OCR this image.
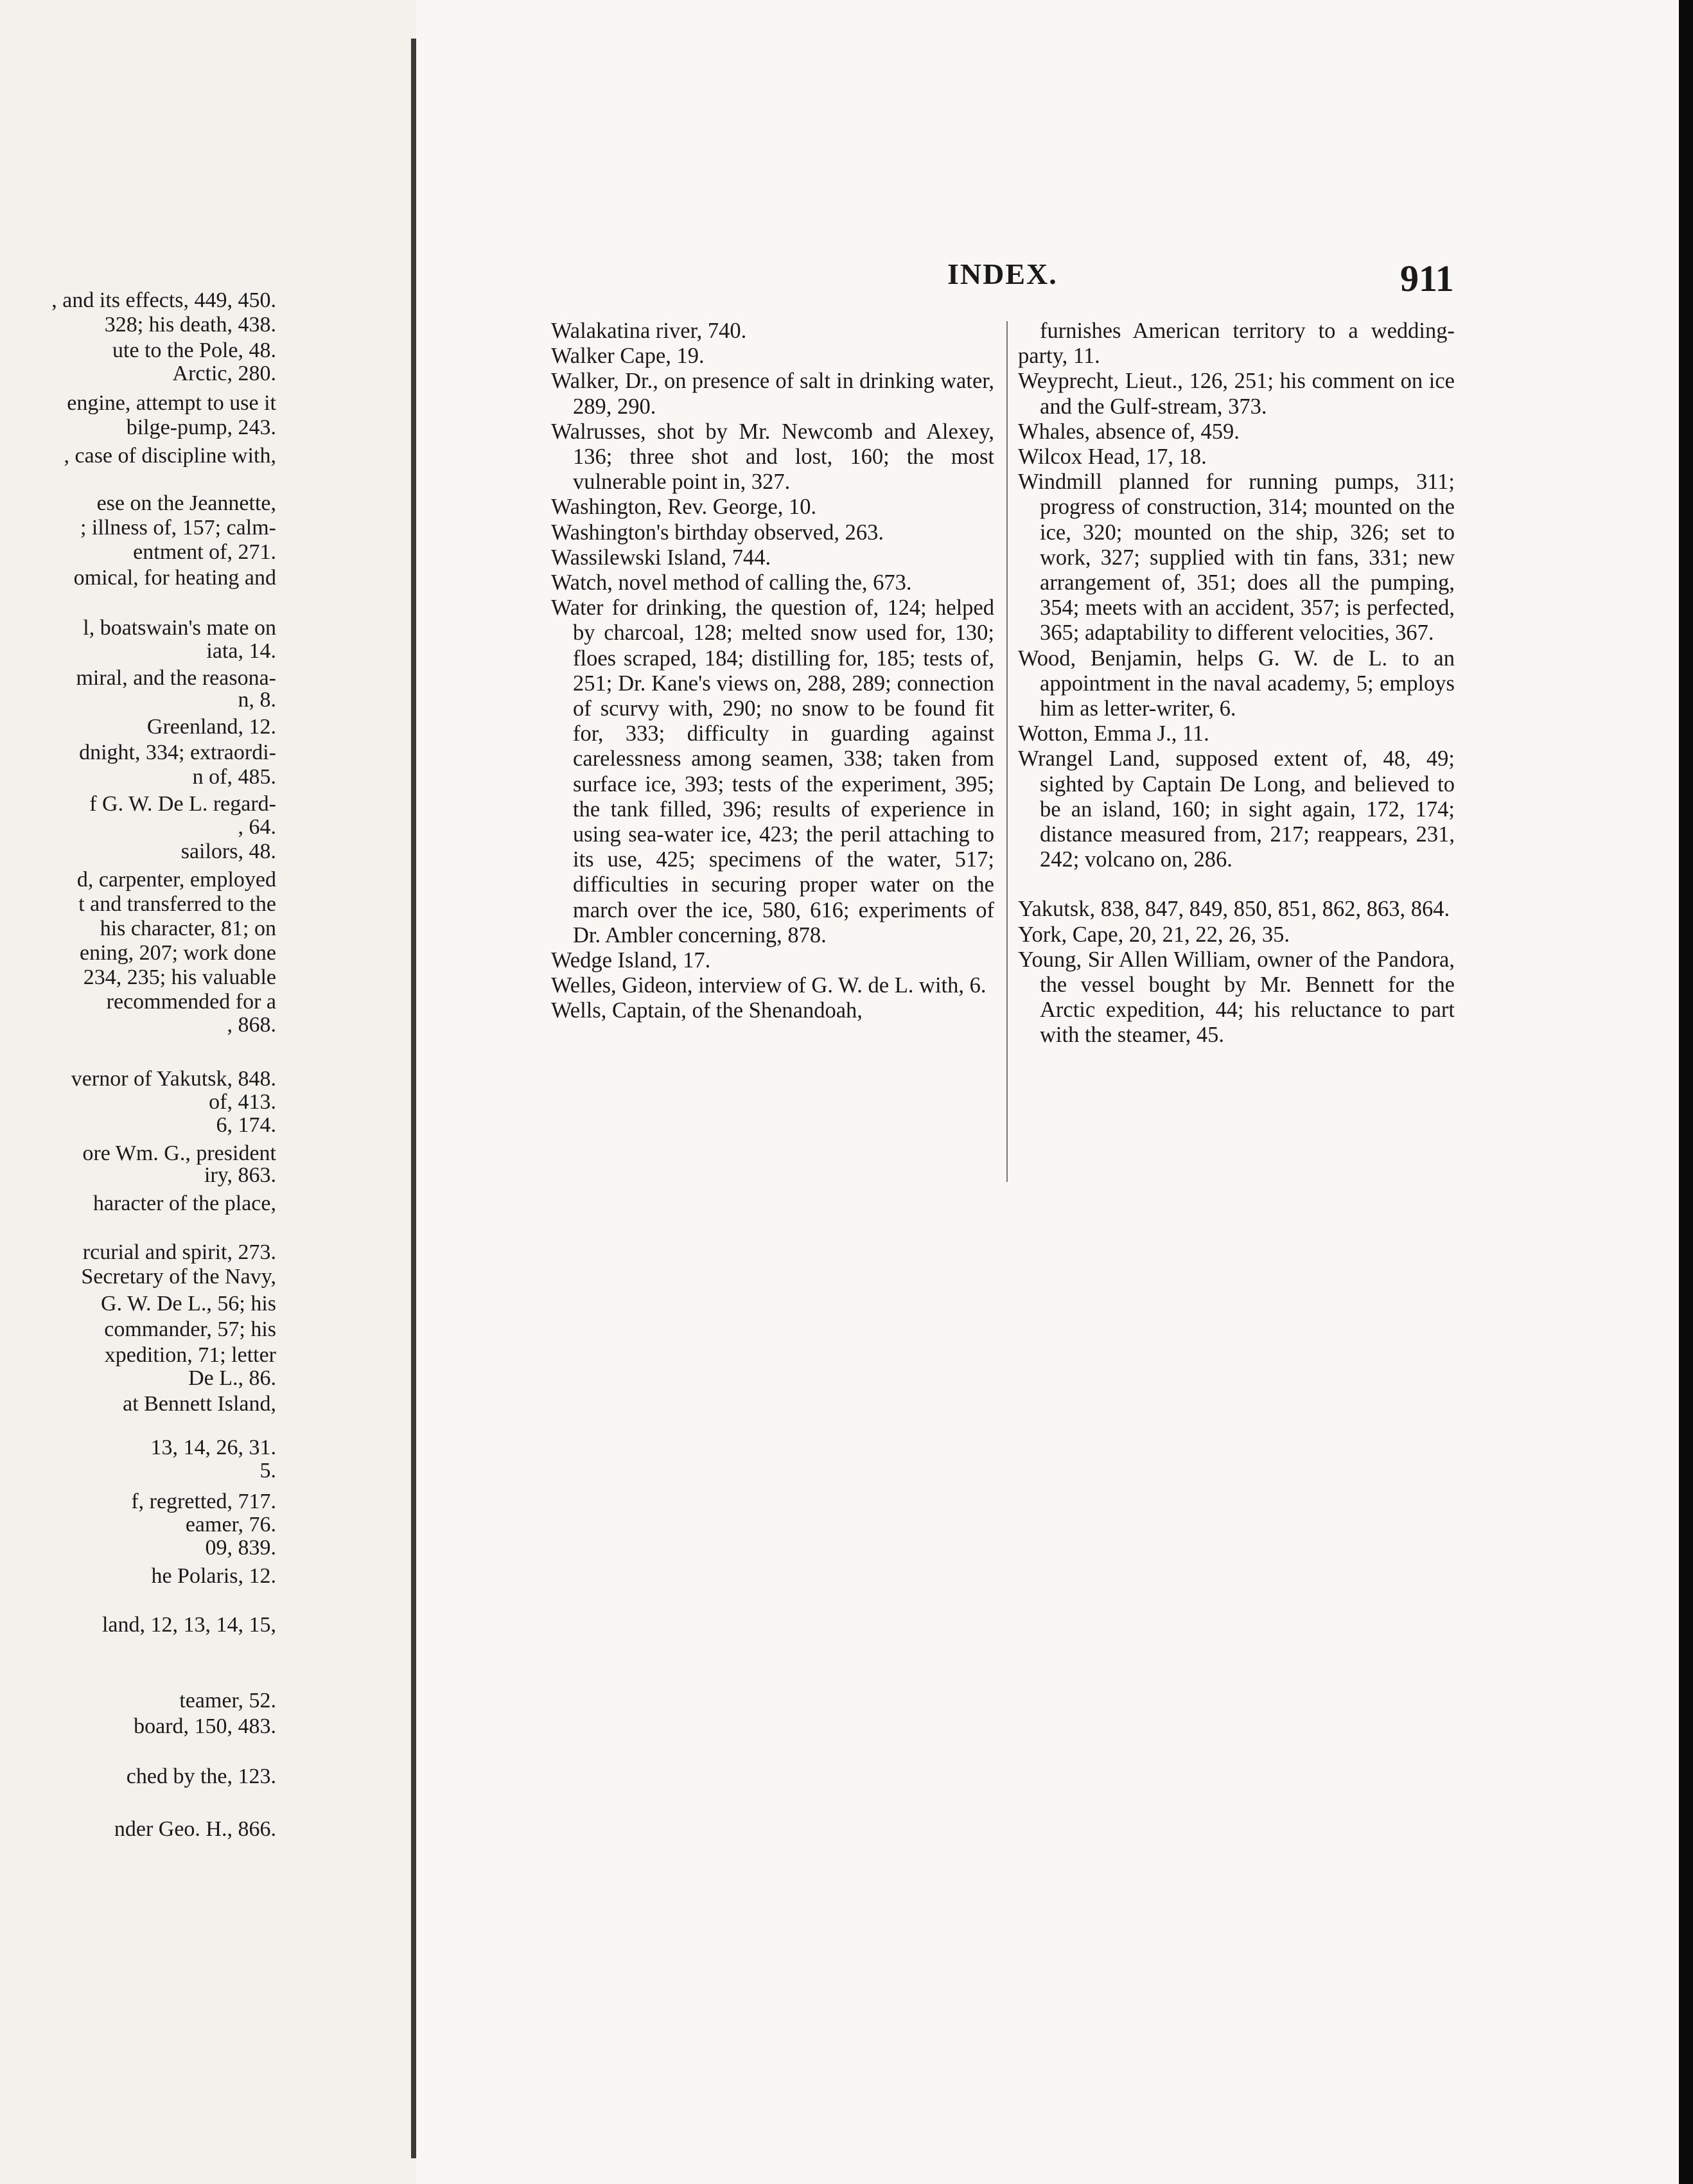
, and its effects, 449, 450.
328; his death, 438.
ute to the Pole, 48.
Arctic, 280.
engine, attempt to use it
bilge-pump, 243.
, case of discipline with,
ese on the Jeannette,
; illness of, 157; calm-
entment of, 271.
omical, for heating and
l, boatswain's mate on
iata, 14.
miral, and the reasona-
n, 8.
Greenland, 12.
dnight, 334; extraordi-
n of, 485.
f G. W. De L. regard-
, 64.
sailors, 48.
d, carpenter, employed
t and transferred to the
his character, 81; on
ening, 207; work done
234, 235; his valuable
recommended for a
, 868.
vernor of Yakutsk, 848.
of, 413.
6, 174.
ore Wm. G., president
iry, 863.
haracter of the place,
rcurial and spirit, 273.
Secretary of the Navy,
G. W. De L., 56; his
commander, 57; his
xpedition, 71; letter
De L., 86.
at Bennett Island,
13, 14, 26, 31.
5.
f, regretted, 717.
eamer, 76.
09, 839.
he Polaris, 12.
land, 12, 13, 14, 15,
teamer, 52.
board, 150, 483.
ched by the, 123.
nder Geo. H., 866.
INDEX.	911

Walakatina river, 740.

Walker Cape, 19.

Walker, Dr., on presence of salt in drinking water, 289, 290.

Walrusses, shot by Mr. Newcomb and Alexey, 136; three shot and lost, 160; the most vulnerable point in, 327.

Washington, Rev. George, 10.

Washington's birthday observed, 263.

Wassilewski Island, 744.

Watch, novel method of calling the, 673.

Water for drinking, the question of, 124; helped by charcoal, 128; melted snow used for, 130; floes scraped, 184; distilling for, 185; tests of, 251; Dr. Kane's views on, 288, 289; connection of scurvy with, 290; no snow to be found fit for, 333; difficulty in guarding against carelessness among seamen, 338; taken from surface ice, 393; tests of the experiment, 395; the tank filled, 396; results of experience in using sea-water ice, 423; the peril attaching to its use, 425; specimens of the water, 517; difficulties in securing proper water on the march over the ice, 580, 616; experiments of Dr. Ambler concerning, 878.

Wedge Island, 17.

Welles, Gideon, interview of G. W. de L. with, 6.

Wells, Captain, of the Shenandoah,

furnishes American territory to a wedding-party, 11.

Weyprecht, Lieut., 126, 251; his comment on ice and the Gulf-stream, 373.

Whales, absence of, 459.

Wilcox Head, 17, 18.

Windmill planned for running pumps, 311; progress of construction, 314; mounted on the ice, 320; mounted on the ship, 326; set to work, 327; supplied with tin fans, 331; new arrangement of, 351; does all the pumping, 354; meets with an accident, 357; is perfected, 365; adaptability to different velocities, 367.

Wood, Benjamin, helps G. W. de L. to an appointment in the naval academy, 5; employs him as letter-writer, 6.

Wotton, Emma J., 11.

Wrangel Land, supposed extent of, 48, 49; sighted by Captain De Long, and believed to be an island, 160; in sight again, 172, 174; distance measured from, 217; reappears, 231, 242; volcano on, 286.

Yakutsk, 838, 847, 849, 850, 851, 862, 863, 864.

York, Cape, 20, 21, 22, 26, 35.

Young, Sir Allen William, owner of the Pandora, the vessel bought by Mr. Bennett for the Arctic expedition, 44; his reluctance to part with the steamer, 45.
